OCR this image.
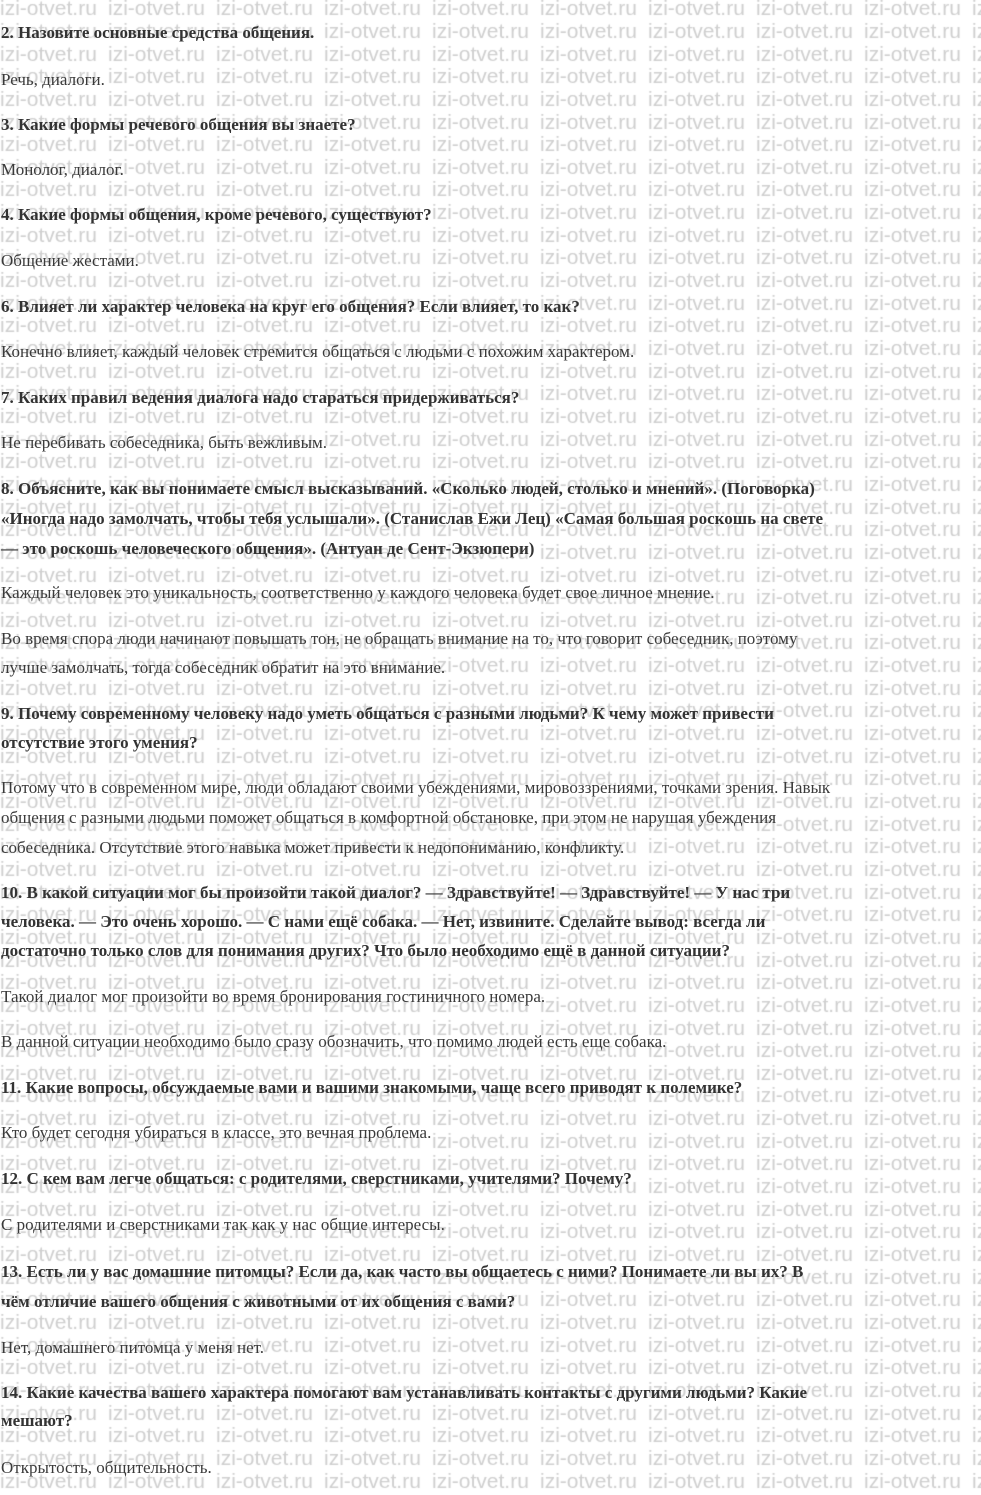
2. Назовите основные средства общения.
Речь, диалоги.
3. Какие формы речевого общения вы знаете?
Монолог, диалог.
4. Какие формы общения, кроме речевого, существуют?
Общение жестами.
6. Влияет ли характер человека на круг его общения? Если влияет, то как?
Конечно влияет, каждый человек стремится общаться с людьми с похожим характером.
7. Каких правил ведения диалога надо стараться придерживаться?
Не перебивать собеседника, быть вежливым.
8. Объясните, как вы понимаете смысл высказываний. «Сколько людей, столько и мнений». (Поговорка)
«Иногда надо замолчать, чтобы тебя услышали». (Станислав Ежи Лец) «Самая большая роскошь на свете
— это роскошь человеческого общения». (Антуан де Сент-Экзюпери)
Каждый человек это уникальность, соответственно у каждого человека будет свое личное мнение.
Во время спора люди начинают повышать тон, не обращать внимание на то, что говорит собеседник, поэтому
лучше замолчать, тогда собеседник обратит на это внимание.
9. Почему современному человеку надо уметь общаться с разными людьми? К чему может привести
отсутствие этого умения?
Потому что в современном мире, люди обладают своими убеждениями, мировоззрениями, точками зрения. Навык
общения с разными людьми поможет общаться в комфортной обстановке, при этом не нарушая убеждения
собеседника. Отсутствие этого навыка может привести к недопониманию, конфликту.
10. В какой ситуации мог бы произойти такой диалог? — Здравствуйте! — Здравствуйте! — У нас три
человека. — Это очень хорошо. — С нами ещё собака. — Нет, извините. Сделайте вывод: всегда ли
достаточно только слов для понимания других? Что было необходимо ещё в данной ситуации?
Такой диалог мог произойти во время бронирования гостиничного номера.
В данной ситуации необходимо было сразу обозначить, что помимо людей есть еще собака.
11. Какие вопросы, обсуждаемые вами и вашими знакомыми, чаще всего приводят к полемике?
Кто будет сегодня убираться в классе, это вечная проблема.
12. С кем вам легче общаться: с родителями, сверстниками, учителями? Почему?
С родителями и сверстниками так как у нас общие интересы.
13. Есть ли у вас домашние питомцы? Если да, как часто вы общаетесь с ними? Понимаете ли вы их? В
чём отличие вашего общения с животными от их общения с вами?
Нет, домашнего питомца у меня нет.
14. Какие качества вашего характера помогают вам устанавливать контакты с другими людьми? Какие
мешают?
Открытость, общительность.
